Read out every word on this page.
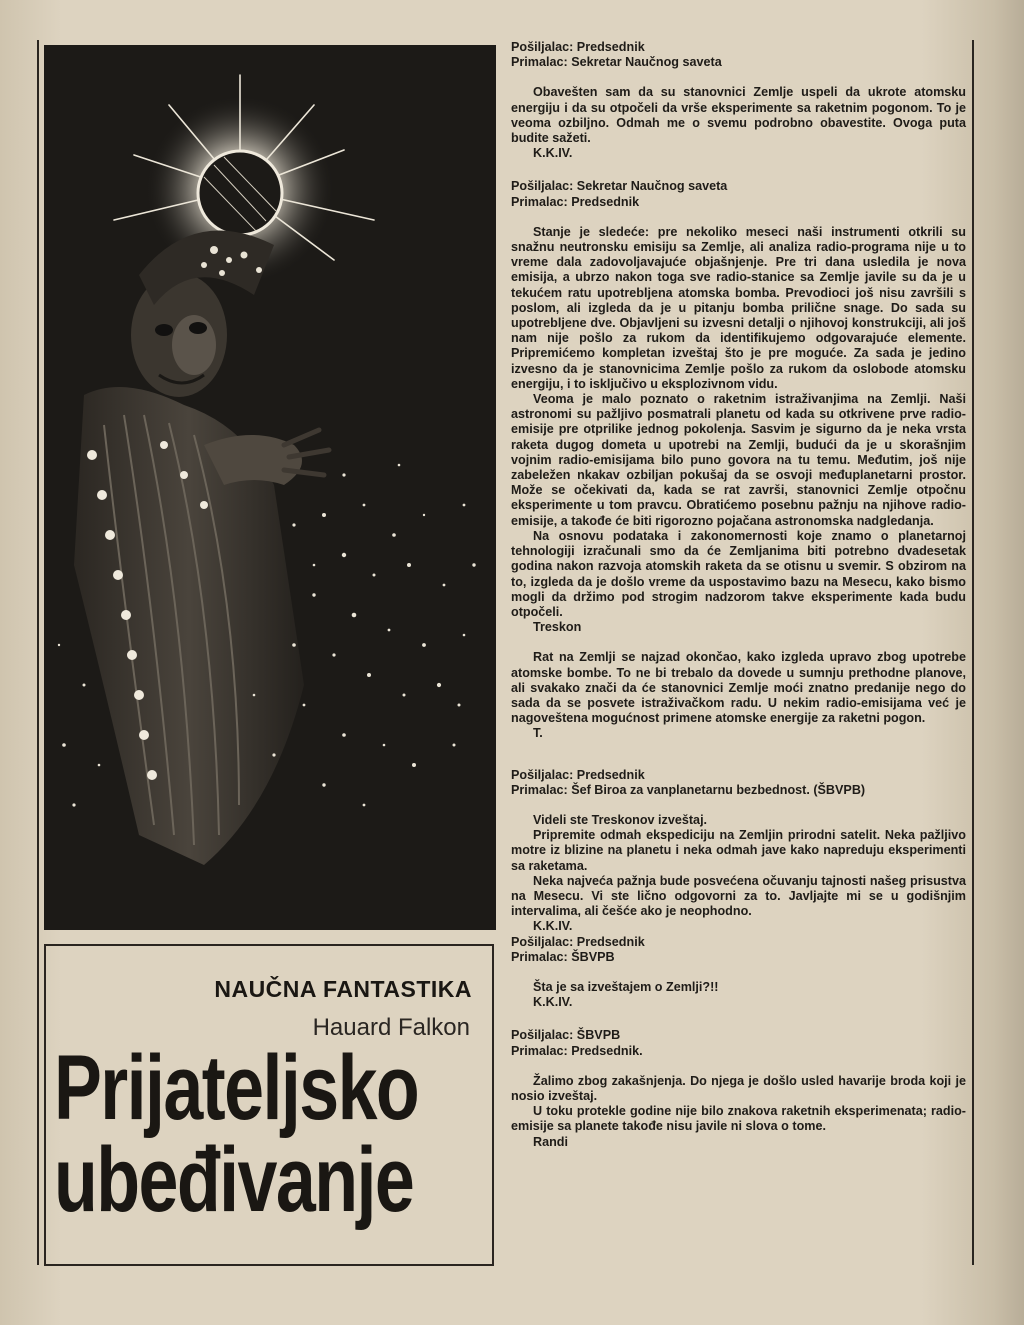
NAUČNA FANTASTIKA
Hauard Falkon
Prijateljsko
ubeđivanje

Pošiljalac: Predsednik

Primalac: Sekretar Naučnog saveta

Obavešten sam da su stanovnici Zemlje uspeli da ukrote atomsku energiju i da su otpočeli da vrše eksperimente sa raketnim pogonom. To je veoma ozbiljno. Odmah me o svemu podrobno obavestite. Ovoga puta budite sažeti.

K.K.IV.

Pošiljalac: Sekretar Naučnog saveta

Primalac: Predsednik

Stanje je sledeće: pre nekoliko meseci naši instrumenti otkrili su snažnu neutronsku emisiju sa Zemlje, ali analiza radio-programa nije u to vreme dala zadovoljavajuće objašnjenje. Pre tri dana usledila je nova emisija, a ubrzo nakon toga sve radio-stanice sa Zemlje javile su da je u tekućem ratu upotrebljena atomska bomba. Prevodioci još nisu završili s poslom, ali izgleda da je u pitanju bomba prilične snage. Do sada su upotrebljene dve. Objavljeni su izvesni detalji o njihovoj konstrukciji, ali još nam nije pošlo za rukom da identifikujemo odgovarajuće elemente. Pripremićemo kompletan izveštaj što je pre moguće. Za sada je jedino izvesno da je stanovnicima Zemlje pošlo za rukom da oslobode atomsku energiju, i to isključivo u eksplozivnom vidu.

Veoma je malo poznato o raketnim istraživanjima na Zemlji. Naši astronomi su pažljivo posmatrali planetu od kada su otkrivene prve radio-emisije pre otprilike jednog pokolenja. Sasvim je sigurno da je neka vrsta raketa dugog dometa u upotrebi na Zemlji, budući da je u skorašnjim vojnim radio-emisijama bilo puno govora na tu temu. Međutim, još nije zabeležen nkakav ozbiljan pokušaj da se osvoji međuplanetarni prostor. Može se očekivati da, kada se rat završi, stanovnici Zemlje otpočnu eksperimente u tom pravcu. Obratićemo posebnu pažnju na njihove radio-emisije, a takođe će biti rigorozno pojačana astronomska nadgledanja.

Na osnovu podataka i zakonomernosti koje znamo o planetarnoj tehnologiji izračunali smo da će Zemljanima biti potrebno dvadesetak godina nakon razvoja atomskih raketa da se otisnu u svemir. S obzirom na to, izgleda da je došlo vreme da uspostavimo bazu na Mesecu, kako bismo mogli da držimo pod strogim nadzorom takve eksperimente kada budu otpočeli.

Treskon

Rat na Zemlji se najzad okončao, kako izgleda upravo zbog upotrebe atomske bombe. To ne bi trebalo da dovede u sumnju prethodne planove, ali svakako znači da će stanovnici Zemlje moći znatno predanije nego do sada da se posvete istraživačkom radu. U nekim radio-emisijama već je nagoveštena mogućnost primene atomske energije za raketni pogon.

T.

Pošiljalac: Predsednik

Primalac: Šef Biroa za vanplanetarnu bezbednost. (ŠBVPB)

Videli ste Treskonov izveštaj.

Pripremite odmah ekspediciju na Zemljin prirodni satelit. Neka pažljivo motre iz blizine na planetu i neka odmah jave kako napreduju eksperimenti sa raketama.

Neka najveća pažnja bude posvećena očuvanju tajnosti našeg prisustva na Mesecu. Vi ste lično odgovorni za to. Javljajte mi se u godišnjim intervalima, ali češće ako je neophodno.

K.K.IV.

Pošiljalac: Predsednik

Primalac: ŠBVPB

Šta je sa izveštajem o Zemlji?!!

K.K.IV.

Pošiljalac: ŠBVPB

Primalac: Predsednik.

Žalimo zbog zakašnjenja. Do njega je došlo usled havarije broda koji je nosio izveštaj.

U toku protekle godine nije bilo znakova raketnih eksperimenata; radio-emisije sa planete takođe nisu javile ni slova o tome.

Randi
